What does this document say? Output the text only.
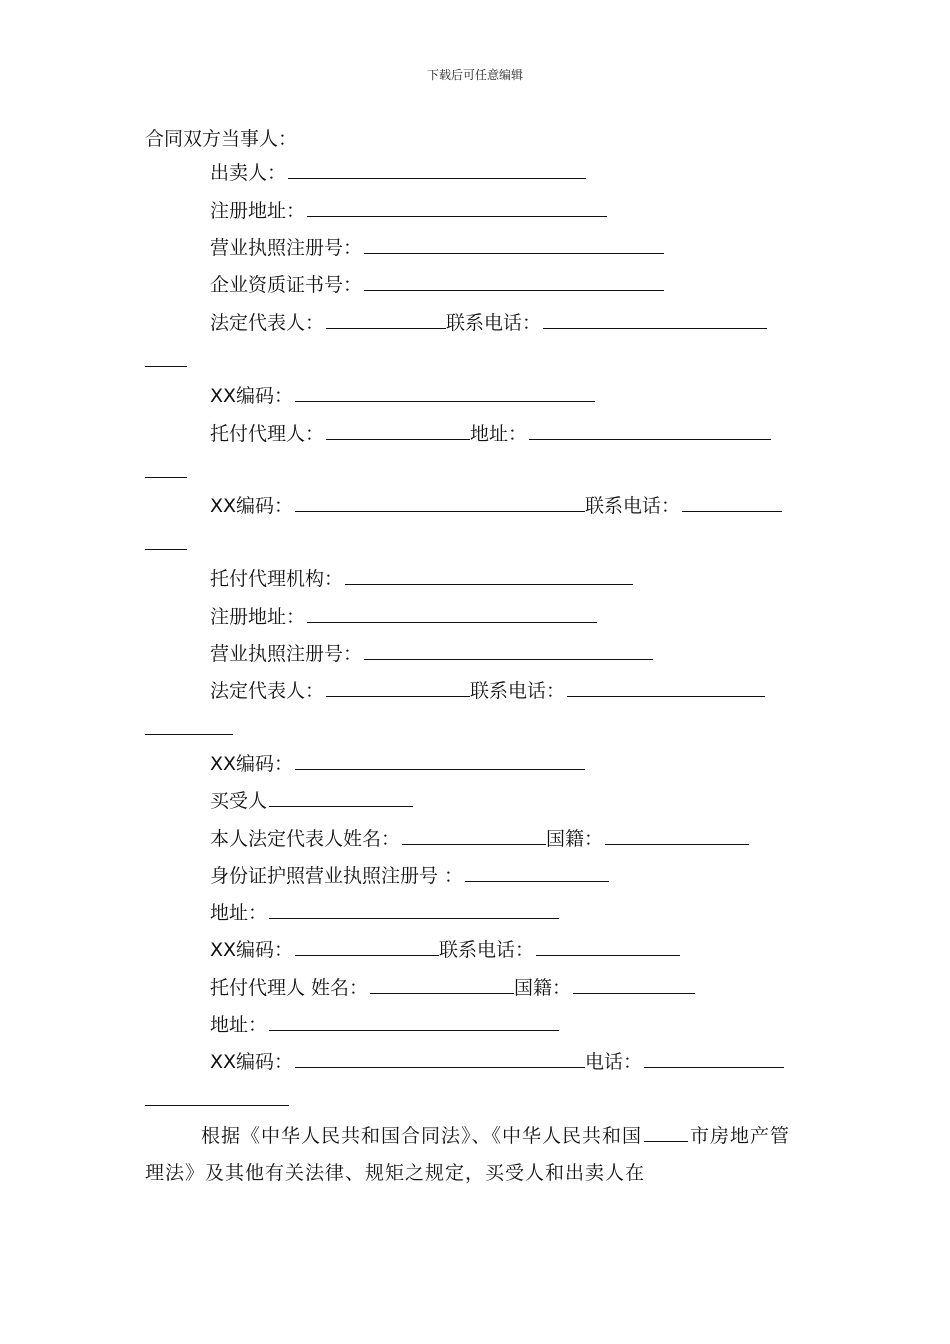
下载后可任意编辑
合同双方当事人：
出卖人：
注册地址：
营业执照注册号：
企业资质证书号：
法定代表人：	联系电话：
XX编码：
托付代理人：	地址：
XX编码：	联系电话：
托付代理机构：
注册地址：
营业执照注册号：
法定代表人：	联系电话：
XX编码：
买受人
本人法定代表人姓名：	国籍：
身份证护照营业执照注册号 ：
地址：
XX编码：	联系电话：
托付代理人 姓名：	国籍：
地址：
XX编码：	电话：
根据《中华人民共和国合同法》、《中华人民共和国	市房地产管理法》及其他有关法律、规矩之规定，买受人和出卖人在
